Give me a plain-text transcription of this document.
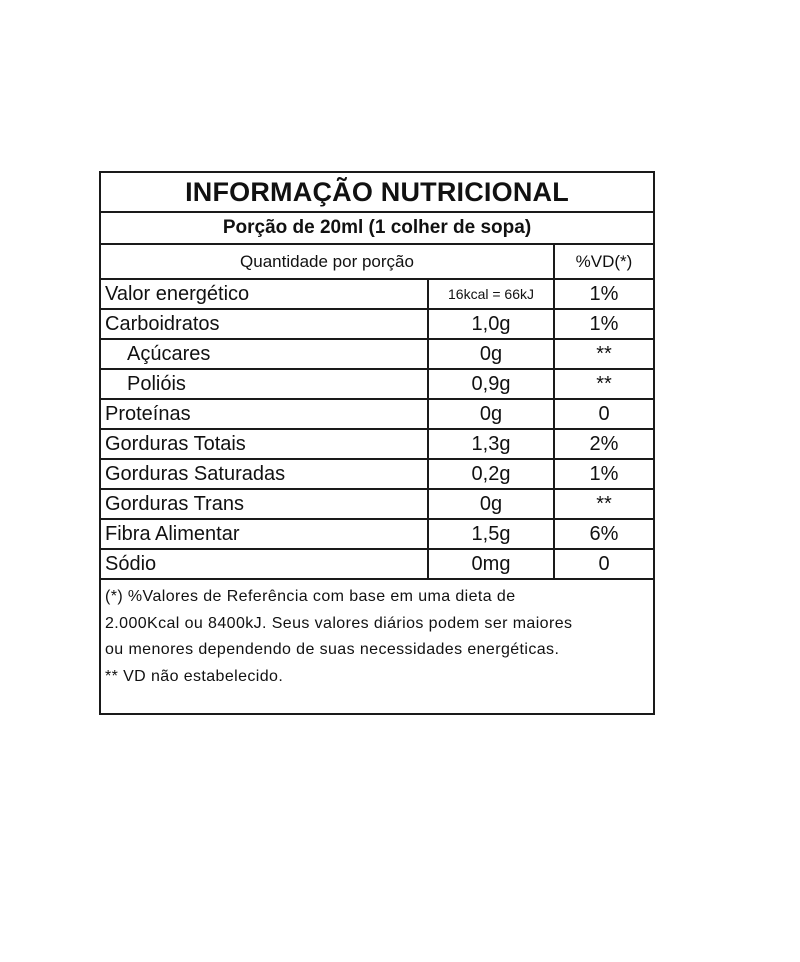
INFORMAÇÃO NUTRICIONAL
Porção de 20ml (1 colher de sopa)
Quantidade por porção		%VD(*)
Valor energético	16kcal = 66kJ	1%
Carboidratos	1,0g	1%
Açúcares	0g	**
Polióis	0,9g	**
Proteínas	0g	0
Gorduras Totais	1,3g	2%
Gorduras Saturadas	0,2g	1%
Gorduras Trans	0g	**
Fibra Alimentar	1,5g	6%
Sódio	0mg	0
(*) %Valores de Referência com base em uma dieta de
2.000Kcal ou 8400kJ. Seus valores diários podem ser maiores
ou menores dependendo de suas necessidades energéticas.
** VD não estabelecido.
